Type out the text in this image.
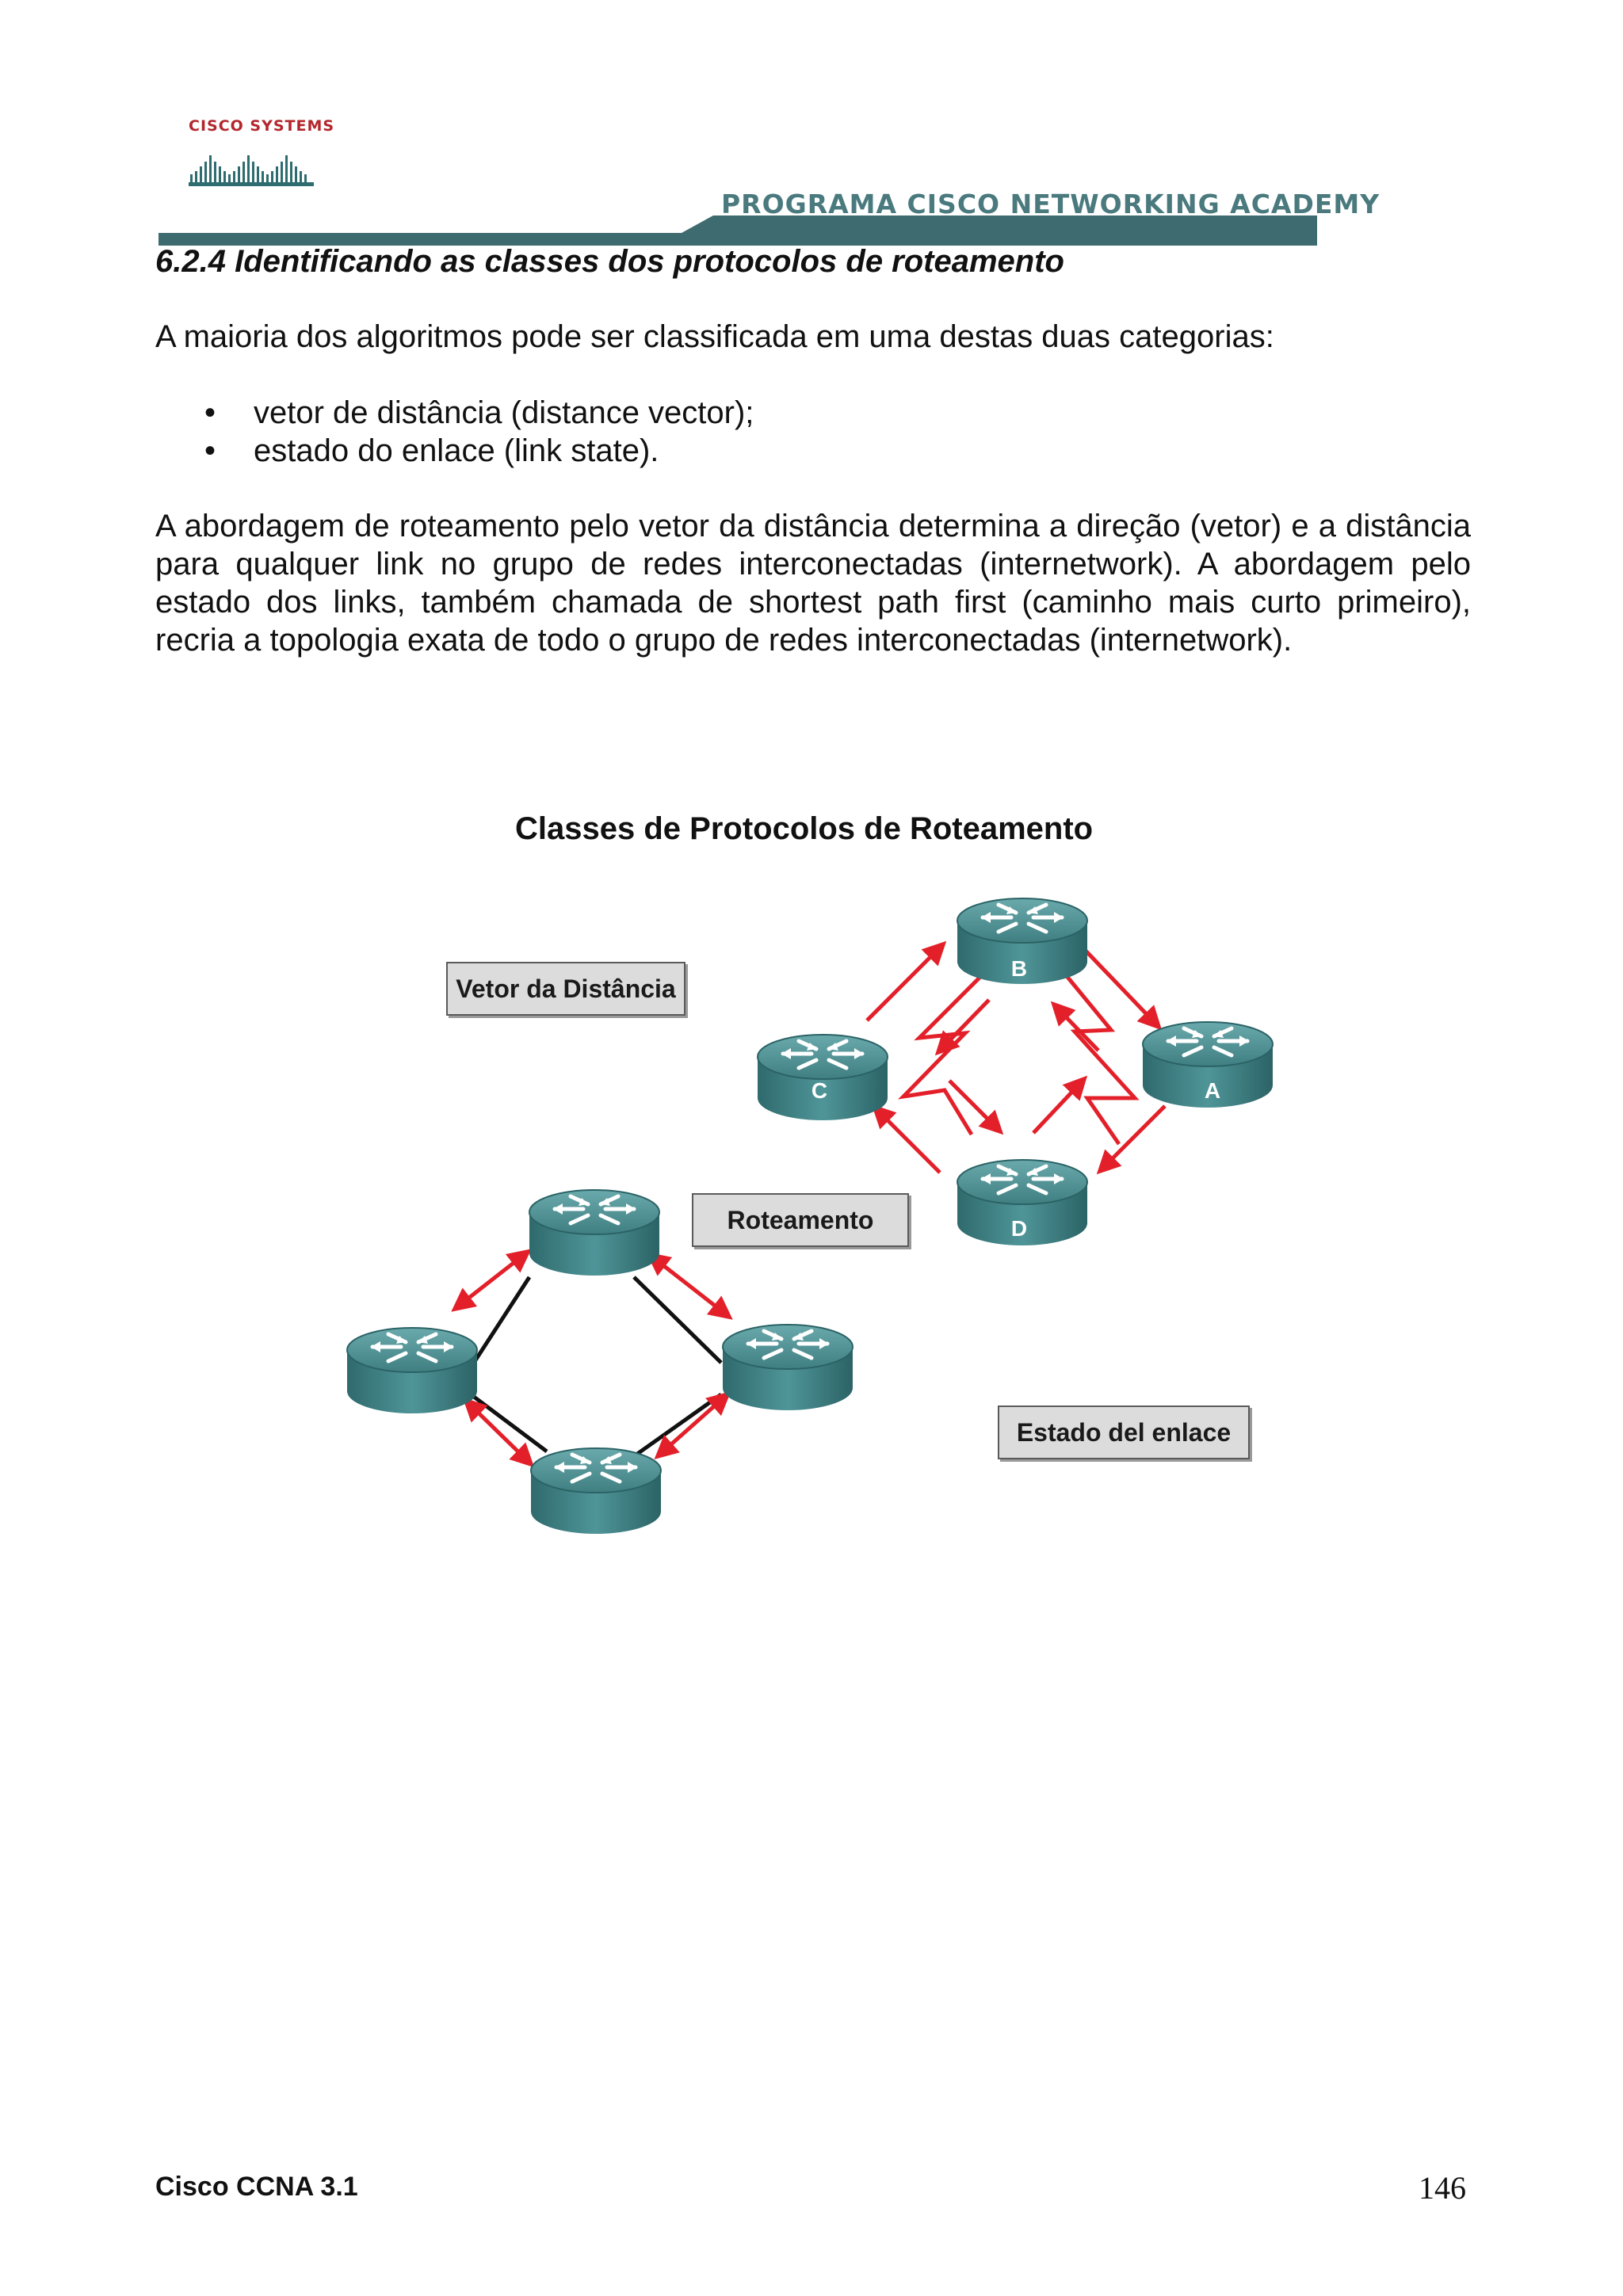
CISCO SYSTEMS
PROGRAMA CISCO NETWORKING ACADEMY
6.2.4 Identificando as classes dos protocolos de roteamento
A maioria dos algoritmos pode ser classificada em uma destas duas categorias:
• vetor de distância (distance vector);
• estado do enlace (link state).
A abordagem de roteamento pelo vetor da distância determina a direção (vetor) e a distância para qualquer link no grupo de redes interconectadas (internetwork). A abordagem pelo estado dos links, também chamada de shortest path first (caminho mais curto primeiro), recria a topologia exata de todo o grupo de redes interconectadas (internetwork).
Classes de Protocolos de Roteamento
B
C	A
D
Vetor da Distância
Roteamento
Estado del enlace
Cisco CCNA 3.1	146
